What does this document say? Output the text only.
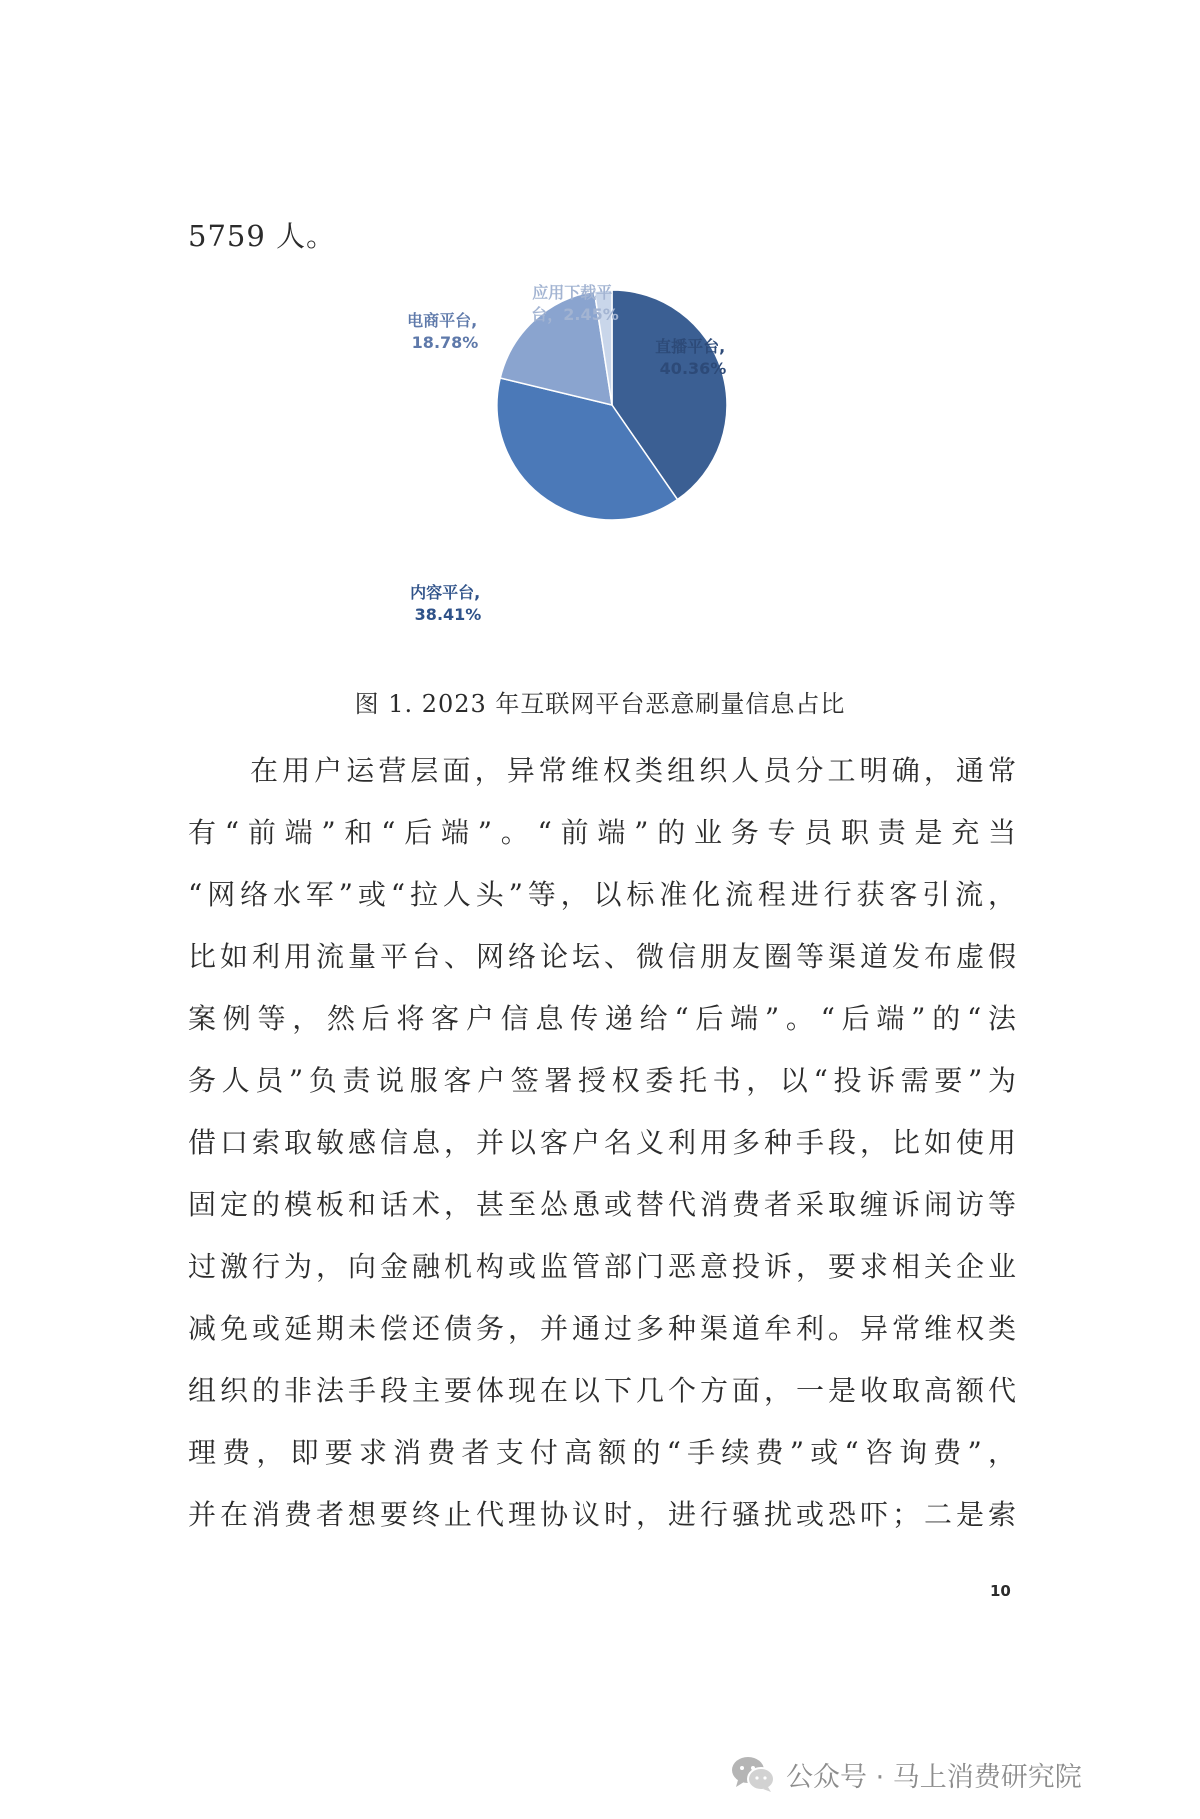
5759 人。
直播平台, 40.36%
内容平台, 38.41%
电商平台, 18.78%
应用下载平 台，2.45%
图 1. 2023 年互联网平台恶意刷量信息占比
在用户运营层面，异常维权类组织人员分工明确，通常
有“前端”和“后端”。“前端”的业务专员职责是充当
“网络水军”或“拉人头”等，以标准化流程进行获客引流，
比如利用流量平台、网络论坛、微信朋友圈等渠道发布虚假
案例等，然后将客户信息传递给“后端”。“后端”的“法
务人员”负责说服客户签署授权委托书，以“投诉需要”为
借口索取敏感信息，并以客户名义利用多种手段，比如使用
固定的模板和话术，甚至怂恿或替代消费者采取缠诉闹访等
过激行为，向金融机构或监管部门恶意投诉，要求相关企业
减免或延期未偿还债务，并通过多种渠道牟利。异常维权类
组织的非法手段主要体现在以下几个方面，一是收取高额代
理费，即要求消费者支付高额的“手续费”或“咨询费”，
并在消费者想要终止代理协议时，进行骚扰或恐吓；二是索
10
公众号 · 马上消费研究院
